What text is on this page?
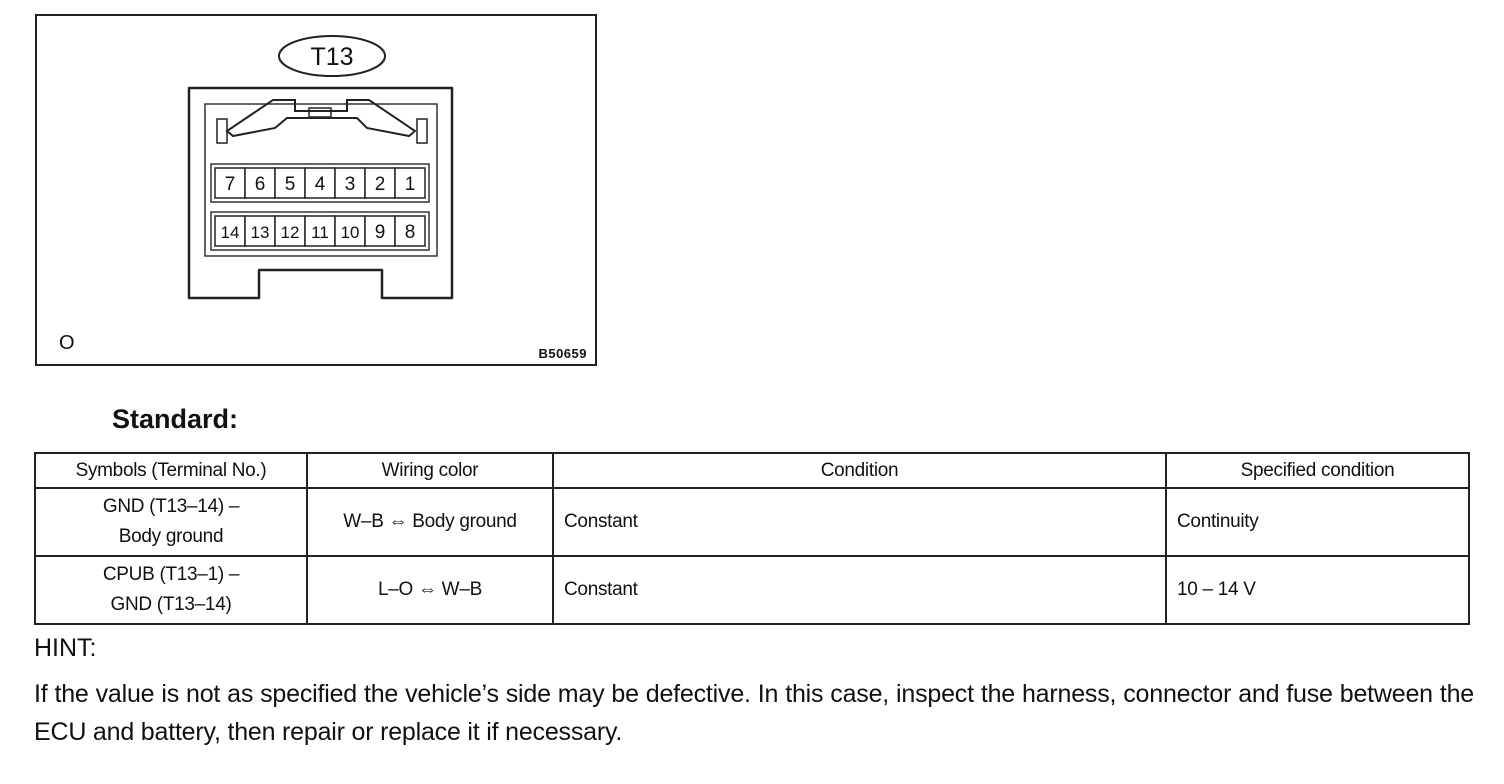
T13
7 6 5 4 3 2 1
14 13 12 11 10 9 8
O	B50659
Standard:
Symbols (Terminal No.)	Wiring color	Condition	Specified condition
GND (T13–14) –
Body ground	W–B ⇔ Body ground	Constant	Continuity
CPUB (T13–1) –
GND (T13–14)	L–O ⇔ W–B	Constant	10 – 14 V
HINT:
If the value is not as specified the vehicle’s side may be defective. In this case, inspect the harness, connector and fuse between the ECU and battery, then repair or replace it if necessary.
